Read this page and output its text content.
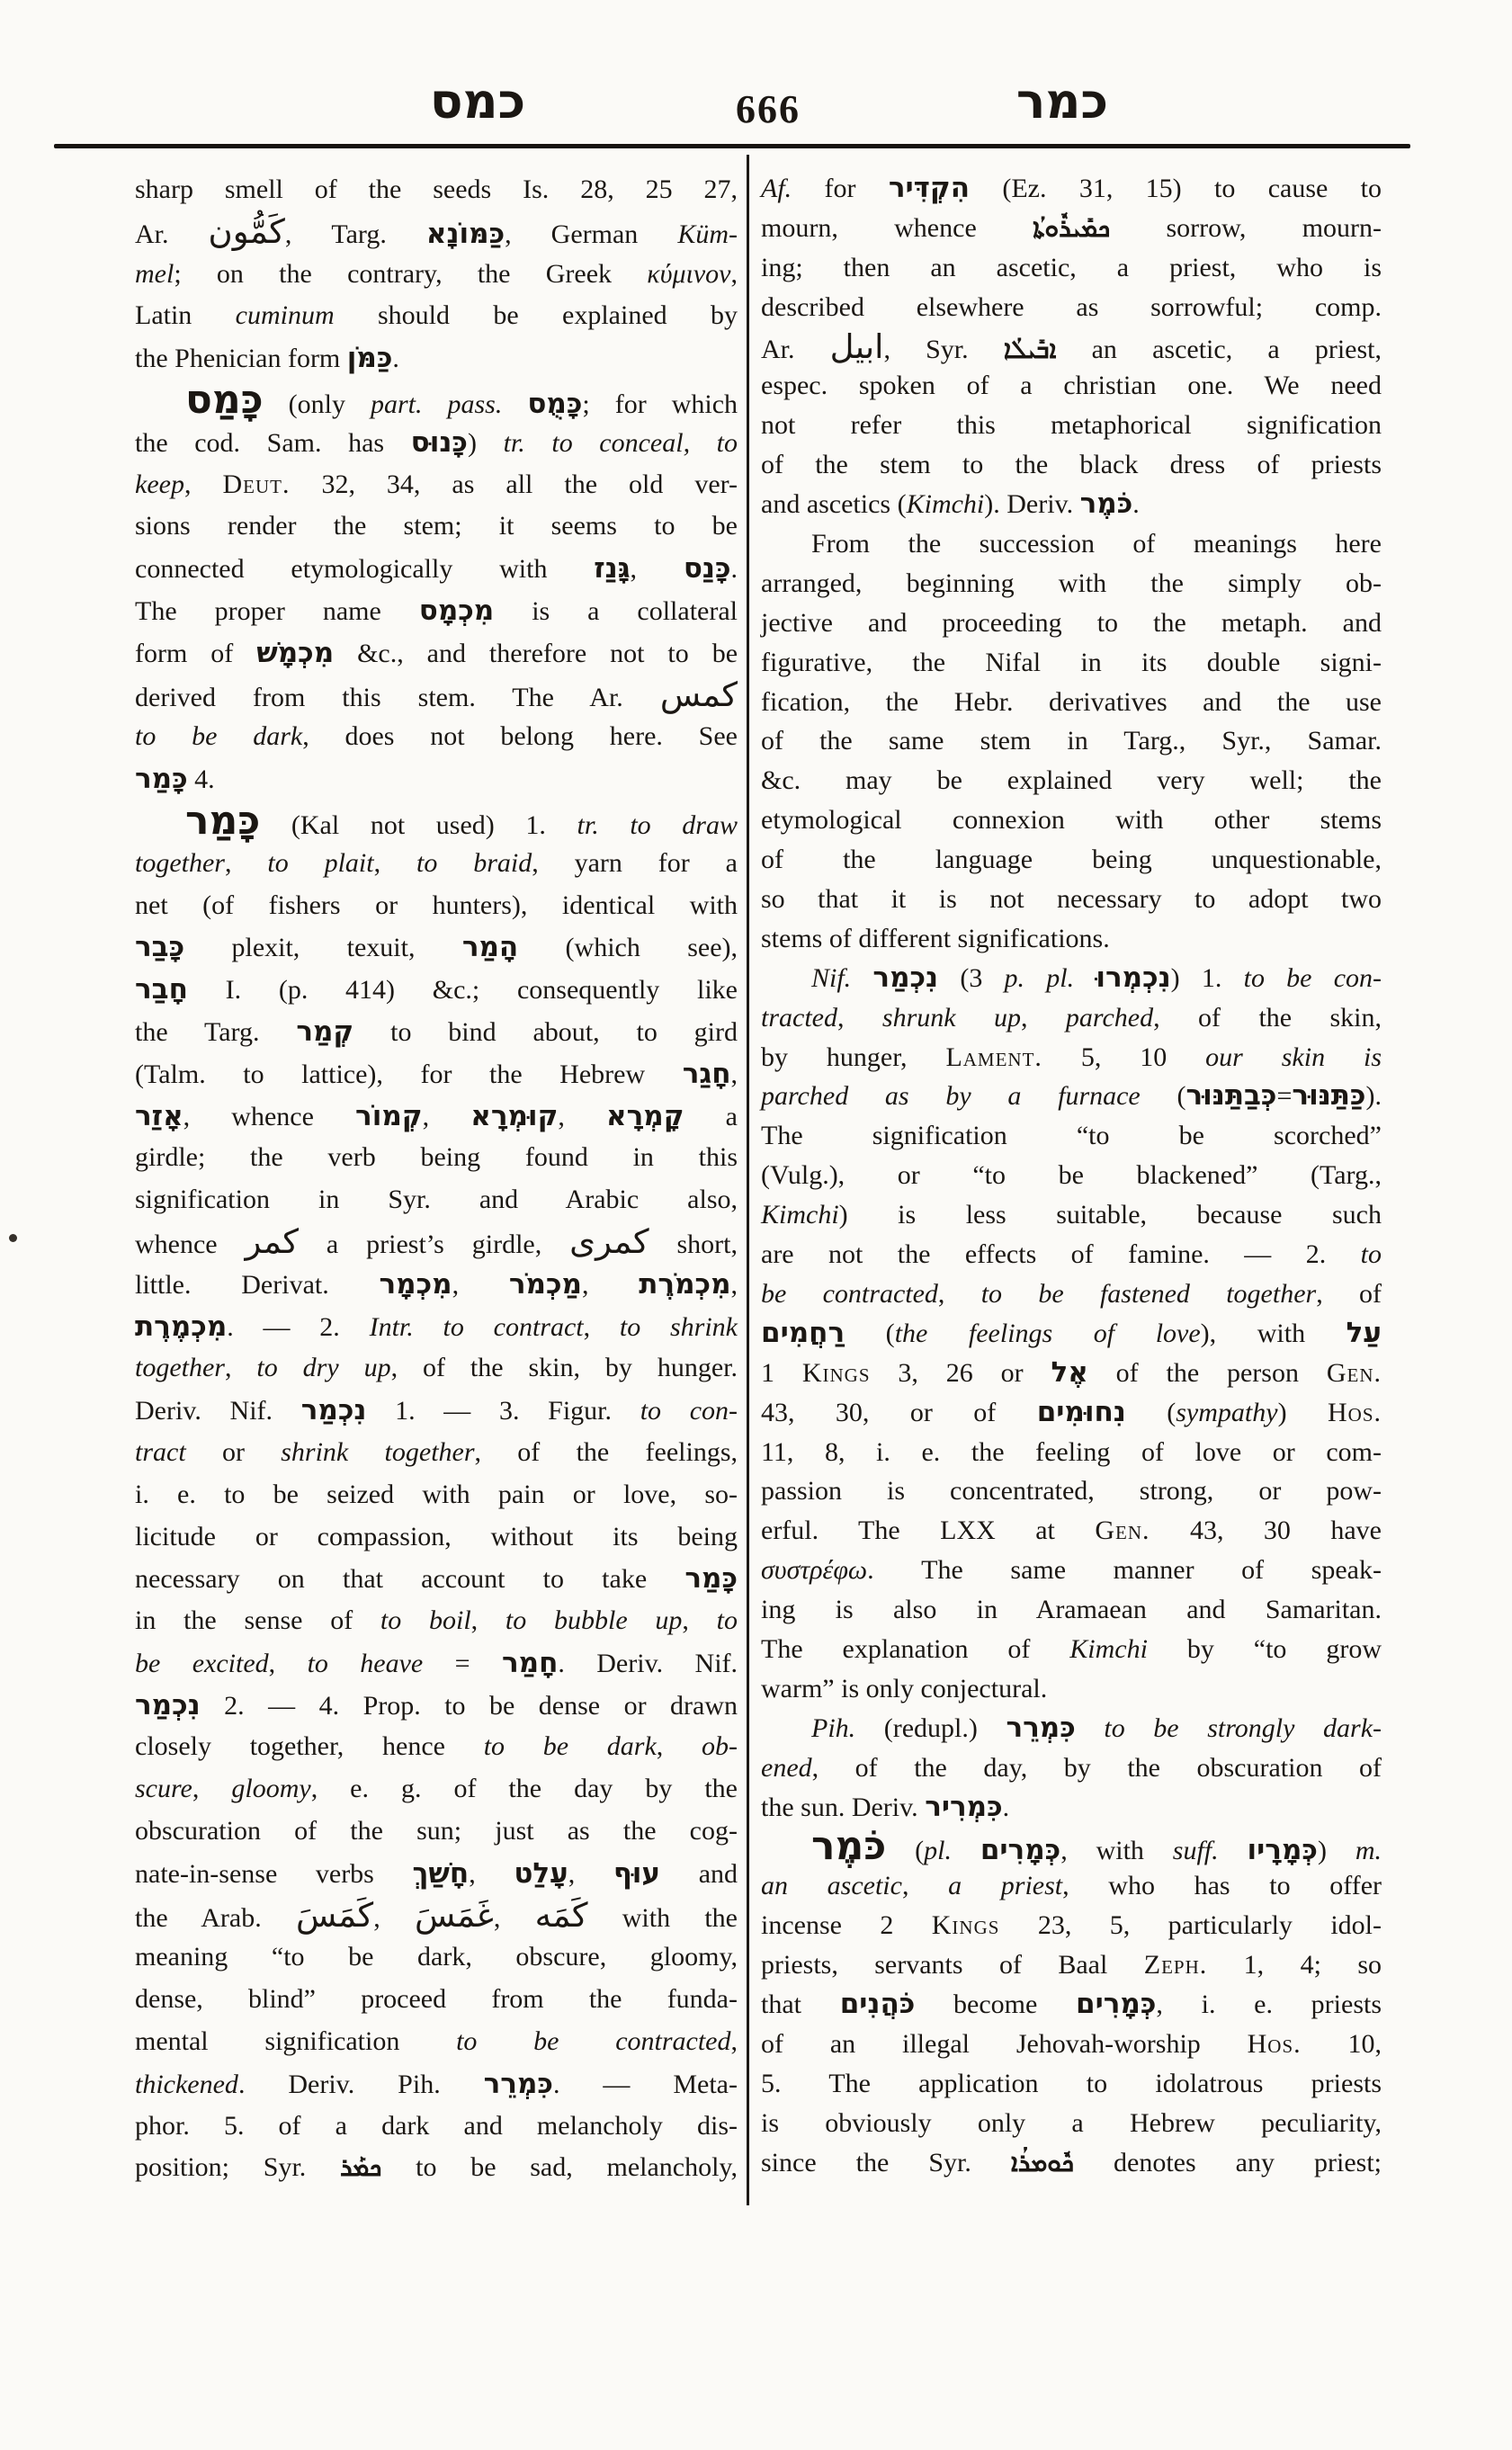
כמס	666	כמר
sharp smell of the seeds Is. 28, 25 27,
Ar. كَمُّون, Targ. כַּמּוֹנָא, German Küm-
mel; on the contrary, the Greek κύμινον,
Latin cuminum should be explained by
the Phenician form כַּמֹּן.
כָּמַס (only part. pass. כָּמֻס; for which
the cod. Sam. has כָּנוּס) tr. to conceal, to
keep, Deut. 32, 34, as all the old ver-
sions render the stem; it seems to be
connected etymologically with גָּנַז, כָּנַס.
The proper name מִכְמָס is a collateral
form of מִכְמָשׁ &c., and therefore not to be
derived from this stem. The Ar. كمس
to be dark, does not belong here. See
כָּמַר 4.
כָּמַר (Kal not used) 1. tr. to draw
together, to plait, to braid, yarn for a
net (of fishers or hunters), identical with
כָּבַר plexit, texuit, הָמַר (which see),
חָבַר I. (p. 414) &c.; consequently like
the Targ. קְמַר to bind about, to gird
(Talm. to lattice), for the Hebrew חָגַר,
אָזַר, whence קְמוֹר, קוּמְרָא, קָמְרָא a
girdle; the verb being found in this
signification in Syr. and Arabic also,
whence كمر a priest’s girdle, كمرى short,
little. Derivat. מִכְמָר, מַכְמֹר, מִכְמֹרֶת,
מִכְמֶרֶת. — 2. Intr. to contract, to shrink
together, to dry up, of the skin, by hunger.
Deriv. Nif. נִכְמַר 1. — 3. Figur. to con-
tract or shrink together, of the feelings,
i. e. to be seized with pain or love, so-
licitude or compassion, without its being
necessary on that account to take כָּמַר
in the sense of to boil, to bubble up, to
be excited, to heave = חָמַר. Deriv. Nif.
נִכְמַר 2. — 4. Prop. to be dense or drawn
closely together, hence to be dark, ob-
scure, gloomy, e. g. of the day by the
obscuration of the sun; just as the cog-
nate-in-sense verbs חָשַׁךְ, עָלַט, עוּף and
the Arab. كَمَسَ, غَمَسَ, كَمَه with the
meaning “to be dark, obscure, gloomy,
dense, blind” proceed from the funda-
mental signification to be contracted,
thickened. Deriv. Pih. כִּמְרֵר. — Meta-
phor. 5. of a dark and melancholy dis-
position; Syr. ܟܡܰܪ to be sad, melancholy,
Af. for הִקְדִּיר (Ez. 31, 15) to cause to
mourn, whence ܟܡܺܝܪܽܘܬܳܐ sorrow, mourn-
ing; then an ascetic, a priest, who is
described elsewhere as sorrowful; comp.
Ar. ابيل, Syr. ܐܒܺܝܠܳܐ an ascetic, a priest,
espec. spoken of a christian one. We need
not refer this metaphorical signification
of the stem to the black dress of priests
and ascetics (Kimchi). Deriv. כֹּמֶר.
From the succession of meanings here
arranged, beginning with the simply ob-
jective and proceeding to the metaph. and
figurative, the Nifal in its double signi-
fication, the Hebr. derivatives and the use
of the same stem in Targ., Syr., Samar.
&c. may be explained very well; the
etymological connexion with other stems
of the language being unquestionable,
so that it is not necessary to adopt two
stems of different significations.
Nif. נִכְמַר (3 p. pl. נִכְמְרוּ) 1. to be con-
tracted, shrunk up, parched, of the skin,
by hunger, Lament. 5, 10 our skin is
parched as by a furnace (כְּבַתַּנּוּר=כַּתַּנּוּר).
The signification “to be scorched”
(Vulg.), or “to be blackened” (Targ.,
Kimchi) is less suitable, because such
are not the effects of famine. — 2. to
be contracted, to be fastened together, of
רַחֲמִים (the feelings of love), with עַל
1 Kings 3, 26 or אֶל of the person Gen.
43, 30, or of נִחוּמִים (sympathy) Hos.
11, 8, i. e. the feeling of love or com-
passion is concentrated, strong, or pow-
erful. The LXX at Gen. 43, 30 have
συστρέφω. The same manner of speak-
ing is also in Aramaean and Samaritan.
The explanation of Kimchi by “to grow
warm” is only conjectural.
Pih. (redupl.) כִּמְרֵר to be strongly dark-
ened, of the day, by the obscuration of
the sun. Deriv. כִּמְרִיר.
כֹּמֶר (pl. כְּמָרִים, with suff. כְּמָרָיו) m.
an ascetic, a priest, who has to offer
incense 2 Kings 23, 5, particularly idol-
priests, servants of Baal Zeph. 1, 4; so
that כֹּהֲנִים become כְּמָרִים, i. e. priests
of an illegal Jehovah-worship Hos. 10,
5. The application to idolatrous priests
is obviously only a Hebrew peculiarity,
since the Syr. ܟܽܘܡܪܳܐ denotes any priest;
